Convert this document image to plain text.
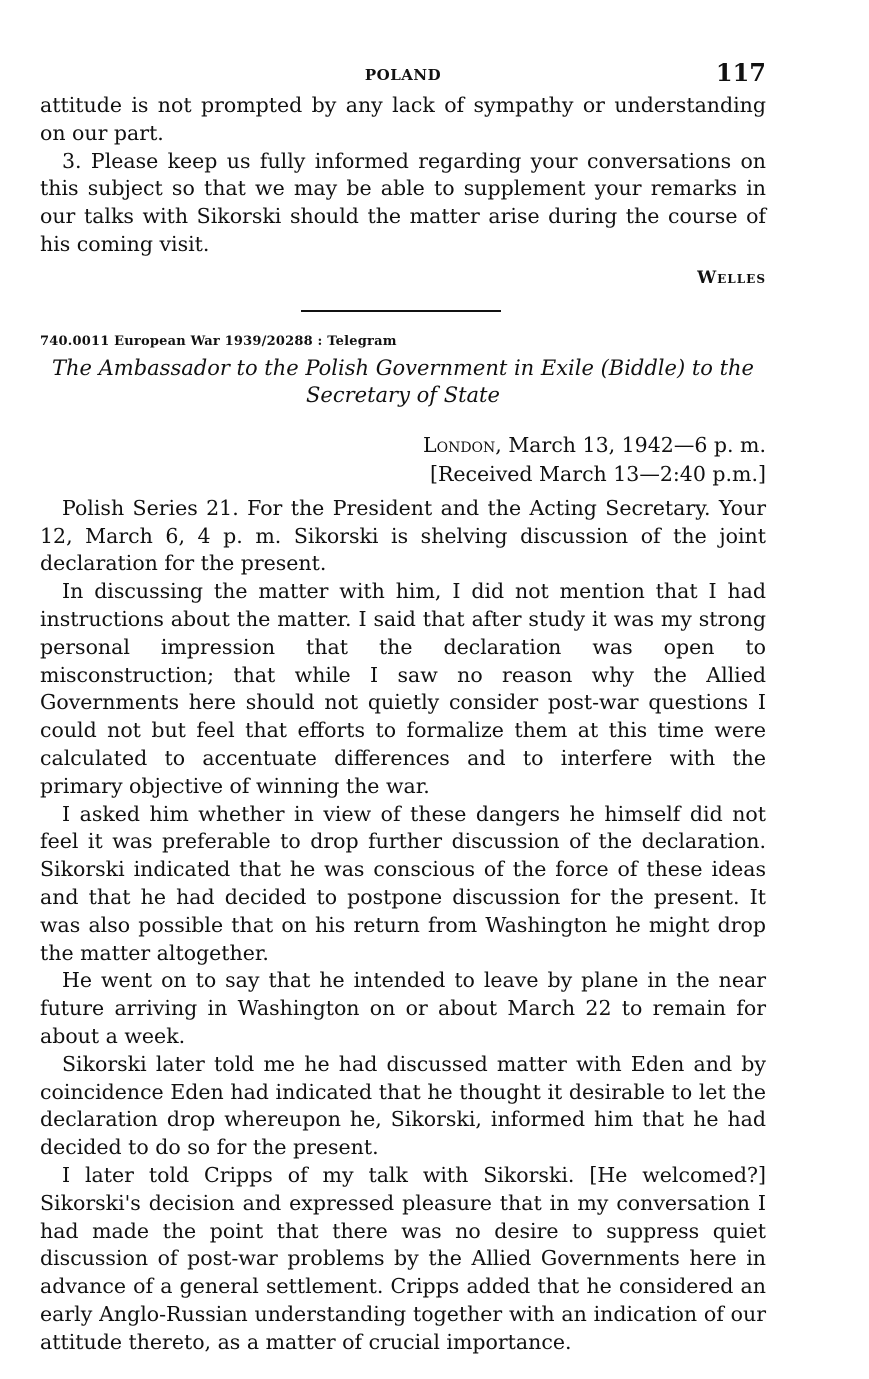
POLAND	117

attitude is not prompted by any lack of sympathy or understanding on our part.

3. Please keep us fully informed regarding your conversations on this subject so that we may be able to supplement your remarks in our talks with Sikorski should the matter arise during the course of his coming visit.

Welles
740.0011 European War 1939/20288 : Telegram

The Ambassador to the Polish Government in Exile (Biddle) to the

Secretary of State

London, March 13, 1942—6 p. m.
[Received March 13—2:40 p.m.]

Polish Series 21. For the President and the Acting Secretary. Your 12, March 6, 4 p. m. Sikorski is shelving discussion of the joint declaration for the present.

In discussing the matter with him, I did not mention that I had instructions about the matter. I said that after study it was my strong personal impression that the declaration was open to misconstruction; that while I saw no reason why the Allied Governments here should not quietly consider post-war questions I could not but feel that efforts to formalize them at this time were calculated to accentuate differences and to interfere with the primary objective of winning the war.

I asked him whether in view of these dangers he himself did not feel it was preferable to drop further discussion of the declaration. Sikorski indicated that he was conscious of the force of these ideas and that he had decided to postpone discussion for the present. It was also possible that on his return from Washington he might drop the matter altogether.

He went on to say that he intended to leave by plane in the near future arriving in Washington on or about March 22 to remain for about a week.

Sikorski later told me he had discussed matter with Eden and by coincidence Eden had indicated that he thought it desirable to let the declaration drop whereupon he, Sikorski, informed him that he had decided to do so for the present.

I later told Cripps of my talk with Sikorski. [He welcomed?] Sikorski's decision and expressed pleasure that in my conversation I had made the point that there was no desire to suppress quiet discussion of post-war problems by the Allied Governments here in advance of a general settlement. Cripps added that he considered an early Anglo-Russian understanding together with an indication of our attitude thereto, as a matter of crucial importance.
